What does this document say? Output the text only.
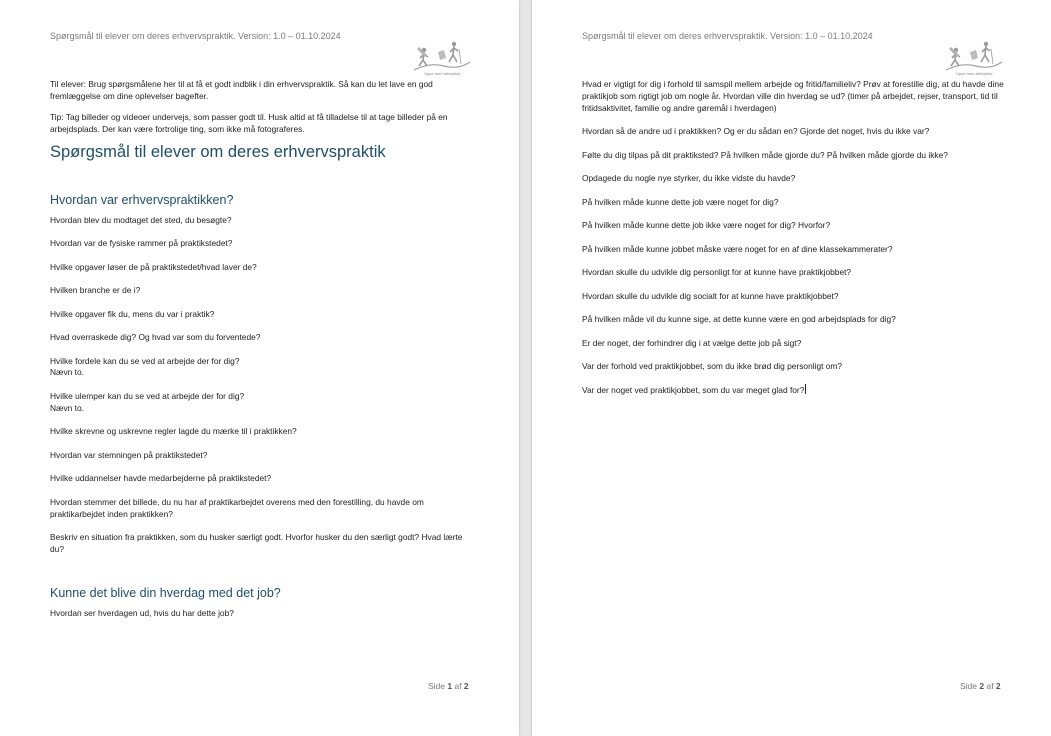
Spørgsmål til elever om deres erhvervspraktik. Version: 1.0 – 01.10.2024
Uppe med arbejdsliv

Til elever: Brug spørgsmålene her til at få et godt indblik i din erhvervspraktik. Så kan du let lave en god fremlæggelse om dine oplevelser bagefter.

Tip: Tag billeder og videoer undervejs, som passer godt til. Husk altid at få tilladelse til at tage billeder på en arbejdsplads. Der kan være fortrolige ting, som ikke må fotograferes.

Spørgsmål til elever om deres erhvervspraktik
Hvordan var erhvervspraktikken?

Hvordan blev du modtaget det sted, du besøgte?

Hvordan var de fysiske rammer på praktikstedet?

Hvilke opgaver løser de på praktikstedet/hvad laver de?

Hvilken branche er de i?

Hvilke opgaver fik du, mens du var i praktik?

Hvad overraskede dig? Og hvad var som du forventede?

Hvilke fordele kan du se ved at arbejde der for dig?

Nævn to.

Hvilke ulemper kan du se ved at arbejde der for dig?

Nævn to.

Hvilke skrevne og uskrevne regler lagde du mærke til i praktikken?

Hvordan var stemningen på praktikstedet?

Hvilke uddannelser havde medarbejderne på praktikstedet?

Hvordan stemmer det billede, du nu har af praktikarbejdet overens med den forestilling, du havde om praktikarbejdet inden praktikken?

Beskriv en situation fra praktikken, som du husker særligt godt. Hvorfor husker du den særligt godt? Hvad lærte du?

Kunne det blive din hverdag med det job?

Hvordan ser hverdagen ud, hvis du har dette job?

Side 1 af 2
Spørgsmål til elever om deres erhvervspraktik. Version: 1.0 – 01.10.2024
Uppe med arbejdsliv

Hvad er vigtigt for dig i forhold til samspil mellem arbejde og fritid/familieliv? Prøv at forestille dig, at du havde dine praktikjob som rigtigt job om nogle år. Hvordan ville din hverdag se ud? (timer på arbejdet, rejser, transport, tid til fritidsaktivitet, familie og andre gøremål i hverdagen)

Hvordan så de andre ud i praktikken? Og er du sådan en? Gjorde det noget, hvis du ikke var?

Følte du dig tilpas på dit praktiksted? På hvilken måde gjorde du? På hvilken måde gjorde du ikke?

Opdagede du nogle nye styrker, du ikke vidste du havde?

På hvilken måde kunne dette job være noget for dig?

På hvilken måde kunne dette job ikke være noget for dig? Hvorfor?

På hvilken måde kunne jobbet måske være noget for en af dine klassekammerater?

Hvordan skulle du udvikle dig personligt for at kunne have praktikjobbet?

Hvordan skulle du udvikle dig socialt for at kunne have praktikjobbet?

På hvilken måde vil du kunne sige, at dette kunne være en god arbejdsplads for dig?

Er der noget, der forhindrer dig i at vælge dette job på sigt?

Var der forhold ved praktikjobbet, som du ikke brød dig personligt om?

Var der noget ved praktikjobbet, som du var meget glad for?

Side 2 af 2
